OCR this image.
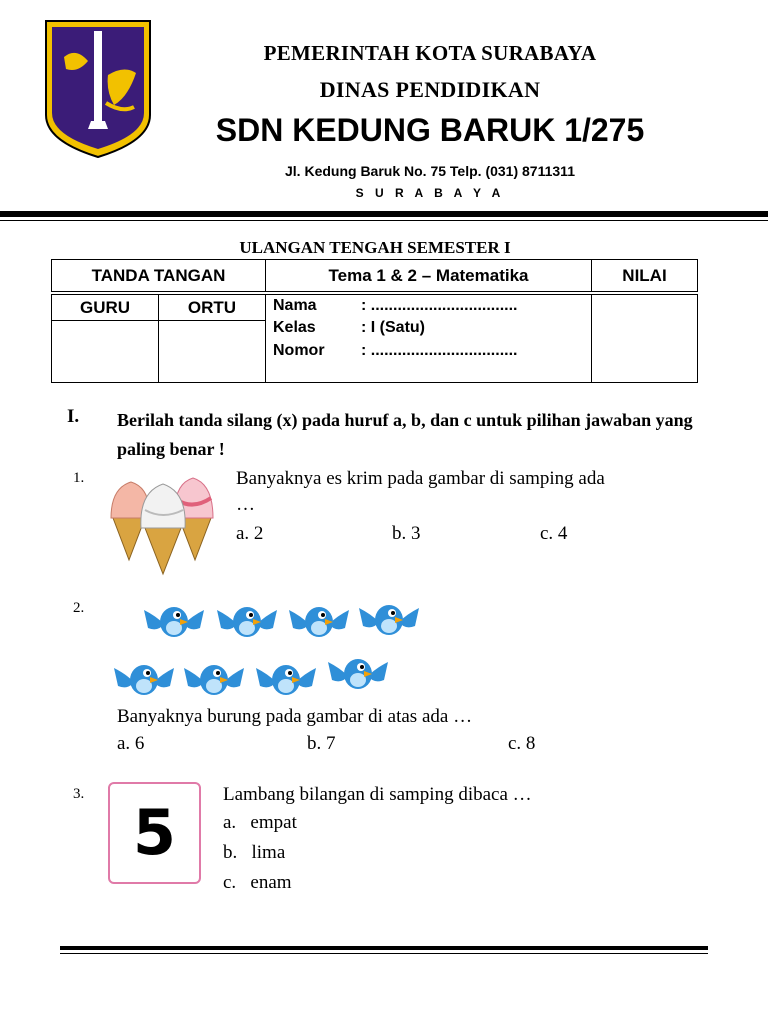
PEMERINTAH KOTA SURABAYA
DINAS PENDIDIKAN
SDN KEDUNG BARUK 1/275
Jl. Kedung Baruk No. 75 Telp. (031) 8711311
S U R A B A Y A
ULANGAN TENGAH SEMESTER I
TANDA TANGAN	Tema 1 & 2 – Matematika	NILAI
GURU	ORTU	Nama	: .................................
Kelas	: I (Satu)
Nomor : .................................
I. Berilah tanda silang (x) pada huruf a, b, dan c untuk pilihan jawaban yang paling benar !
1.	Banyaknya es krim pada gambar di samping ada
…
a. 2	b. 3	c. 4
2.
Banyaknya burung pada gambar di atas ada …
a. 6	b. 7	c. 8
3.
5
Lambang bilangan di samping dibaca …
a.   empat
b.   lima
c.   enam
